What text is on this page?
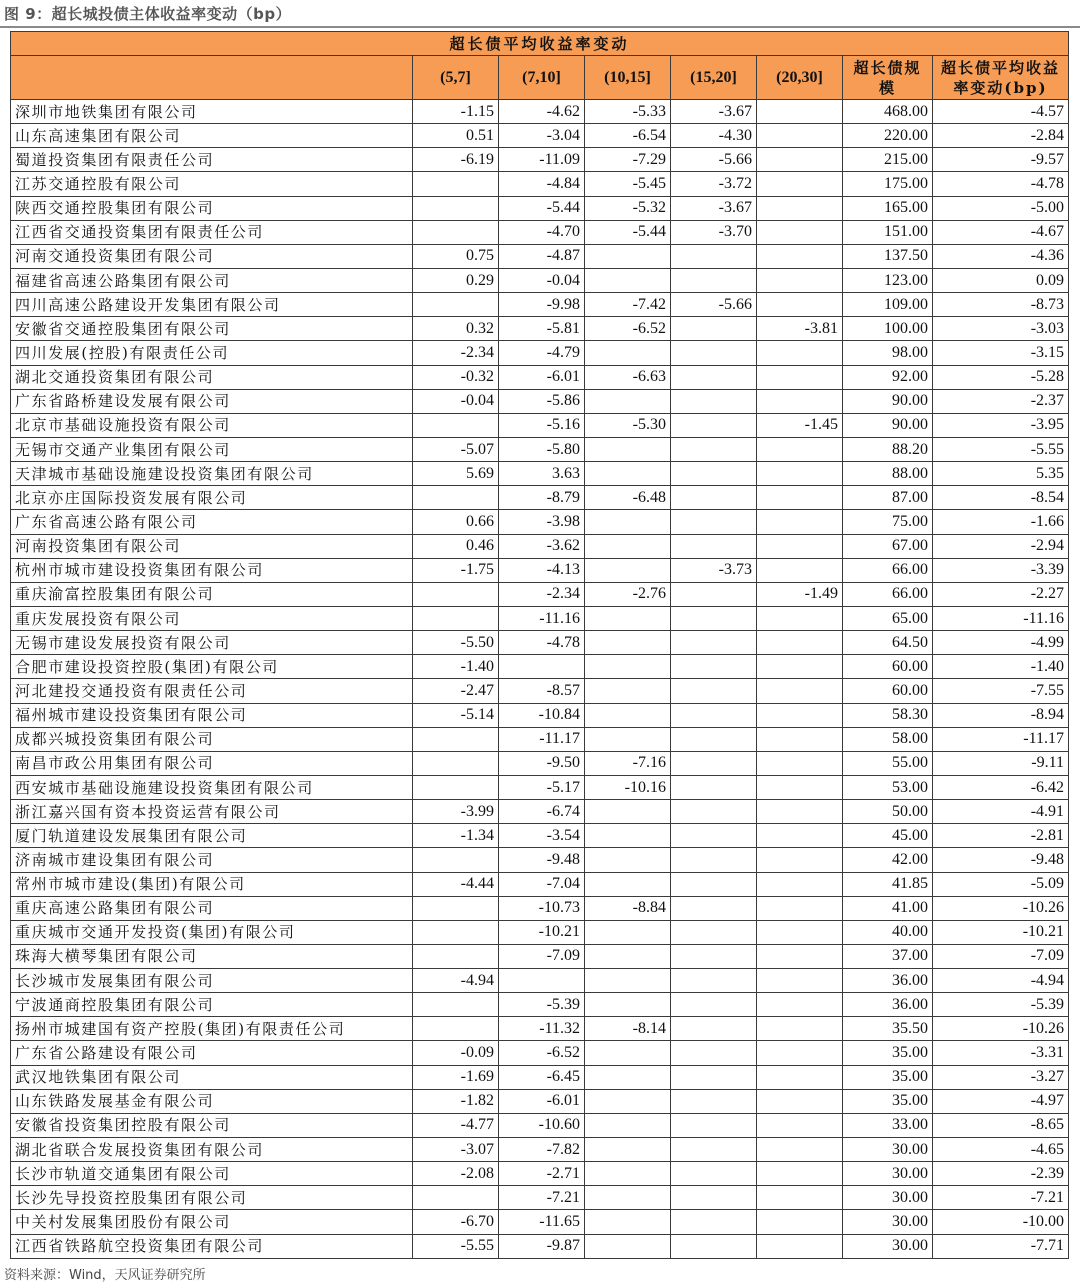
图 9：超长城投债主体收益率变动（bp）
超长债平均收益率变动							
	(5,7]	(7,10]	(10,15]	(15,20]	(20,30]	超长债规模	超长债平均收益率变动(bp)
深圳市地铁集团有限公司	-1.15	-4.62	-5.33	-3.67		468.00	-4.57
山东高速集团有限公司	0.51	-3.04	-6.54	-4.30		220.00	-2.84
蜀道投资集团有限责任公司	-6.19	-11.09	-7.29	-5.66		215.00	-9.57
江苏交通控股有限公司		-4.84	-5.45	-3.72		175.00	-4.78
陕西交通控股集团有限公司		-5.44	-5.32	-3.67		165.00	-5.00
江西省交通投资集团有限责任公司		-4.70	-5.44	-3.70		151.00	-4.67
河南交通投资集团有限公司	0.75	-4.87				137.50	-4.36
福建省高速公路集团有限公司	0.29	-0.04				123.00	0.09
四川高速公路建设开发集团有限公司		-9.98	-7.42	-5.66		109.00	-8.73
安徽省交通控股集团有限公司	0.32	-5.81	-6.52		-3.81	100.00	-3.03
四川发展(控股)有限责任公司	-2.34	-4.79				98.00	-3.15
湖北交通投资集团有限公司	-0.32	-6.01	-6.63			92.00	-5.28
广东省路桥建设发展有限公司	-0.04	-5.86				90.00	-2.37
北京市基础设施投资有限公司		-5.16	-5.30		-1.45	90.00	-3.95
无锡市交通产业集团有限公司	-5.07	-5.80				88.20	-5.55
天津城市基础设施建设投资集团有限公司	5.69	3.63				88.00	5.35
北京亦庄国际投资发展有限公司		-8.79	-6.48			87.00	-8.54
广东省高速公路有限公司	0.66	-3.98				75.00	-1.66
河南投资集团有限公司	0.46	-3.62				67.00	-2.94
杭州市城市建设投资集团有限公司	-1.75	-4.13		-3.73		66.00	-3.39
重庆渝富控股集团有限公司		-2.34	-2.76		-1.49	66.00	-2.27
重庆发展投资有限公司		-11.16				65.00	-11.16
无锡市建设发展投资有限公司	-5.50	-4.78				64.50	-4.99
合肥市建设投资控股(集团)有限公司	-1.40					60.00	-1.40
河北建投交通投资有限责任公司	-2.47	-8.57				60.00	-7.55
福州城市建设投资集团有限公司	-5.14	-10.84				58.30	-8.94
成都兴城投资集团有限公司		-11.17				58.00	-11.17
南昌市政公用集团有限公司		-9.50	-7.16			55.00	-9.11
西安城市基础设施建设投资集团有限公司		-5.17	-10.16			53.00	-6.42
浙江嘉兴国有资本投资运营有限公司	-3.99	-6.74				50.00	-4.91
厦门轨道建设发展集团有限公司	-1.34	-3.54				45.00	-2.81
济南城市建设集团有限公司		-9.48				42.00	-9.48
常州市城市建设(集团)有限公司	-4.44	-7.04				41.85	-5.09
重庆高速公路集团有限公司		-10.73	-8.84			41.00	-10.26
重庆城市交通开发投资(集团)有限公司		-10.21				40.00	-10.21
珠海大横琴集团有限公司		-7.09				37.00	-7.09
长沙城市发展集团有限公司	-4.94					36.00	-4.94
宁波通商控股集团有限公司		-5.39				36.00	-5.39
扬州市城建国有资产控股(集团)有限责任公司		-11.32	-8.14			35.50	-10.26
广东省公路建设有限公司	-0.09	-6.52				35.00	-3.31
武汉地铁集团有限公司	-1.69	-6.45				35.00	-3.27
山东铁路发展基金有限公司	-1.82	-6.01				35.00	-4.97
安徽省投资集团控股有限公司	-4.77	-10.60				33.00	-8.65
湖北省联合发展投资集团有限公司	-3.07	-7.82				30.00	-4.65
长沙市轨道交通集团有限公司	-2.08	-2.71				30.00	-2.39
长沙先导投资控股集团有限公司		-7.21				30.00	-7.21
中关村发展集团股份有限公司	-6.70	-11.65				30.00	-10.00
江西省铁路航空投资集团有限公司	-5.55	-9.87				30.00	-7.71
资料来源：Wind，天风证券研究所
